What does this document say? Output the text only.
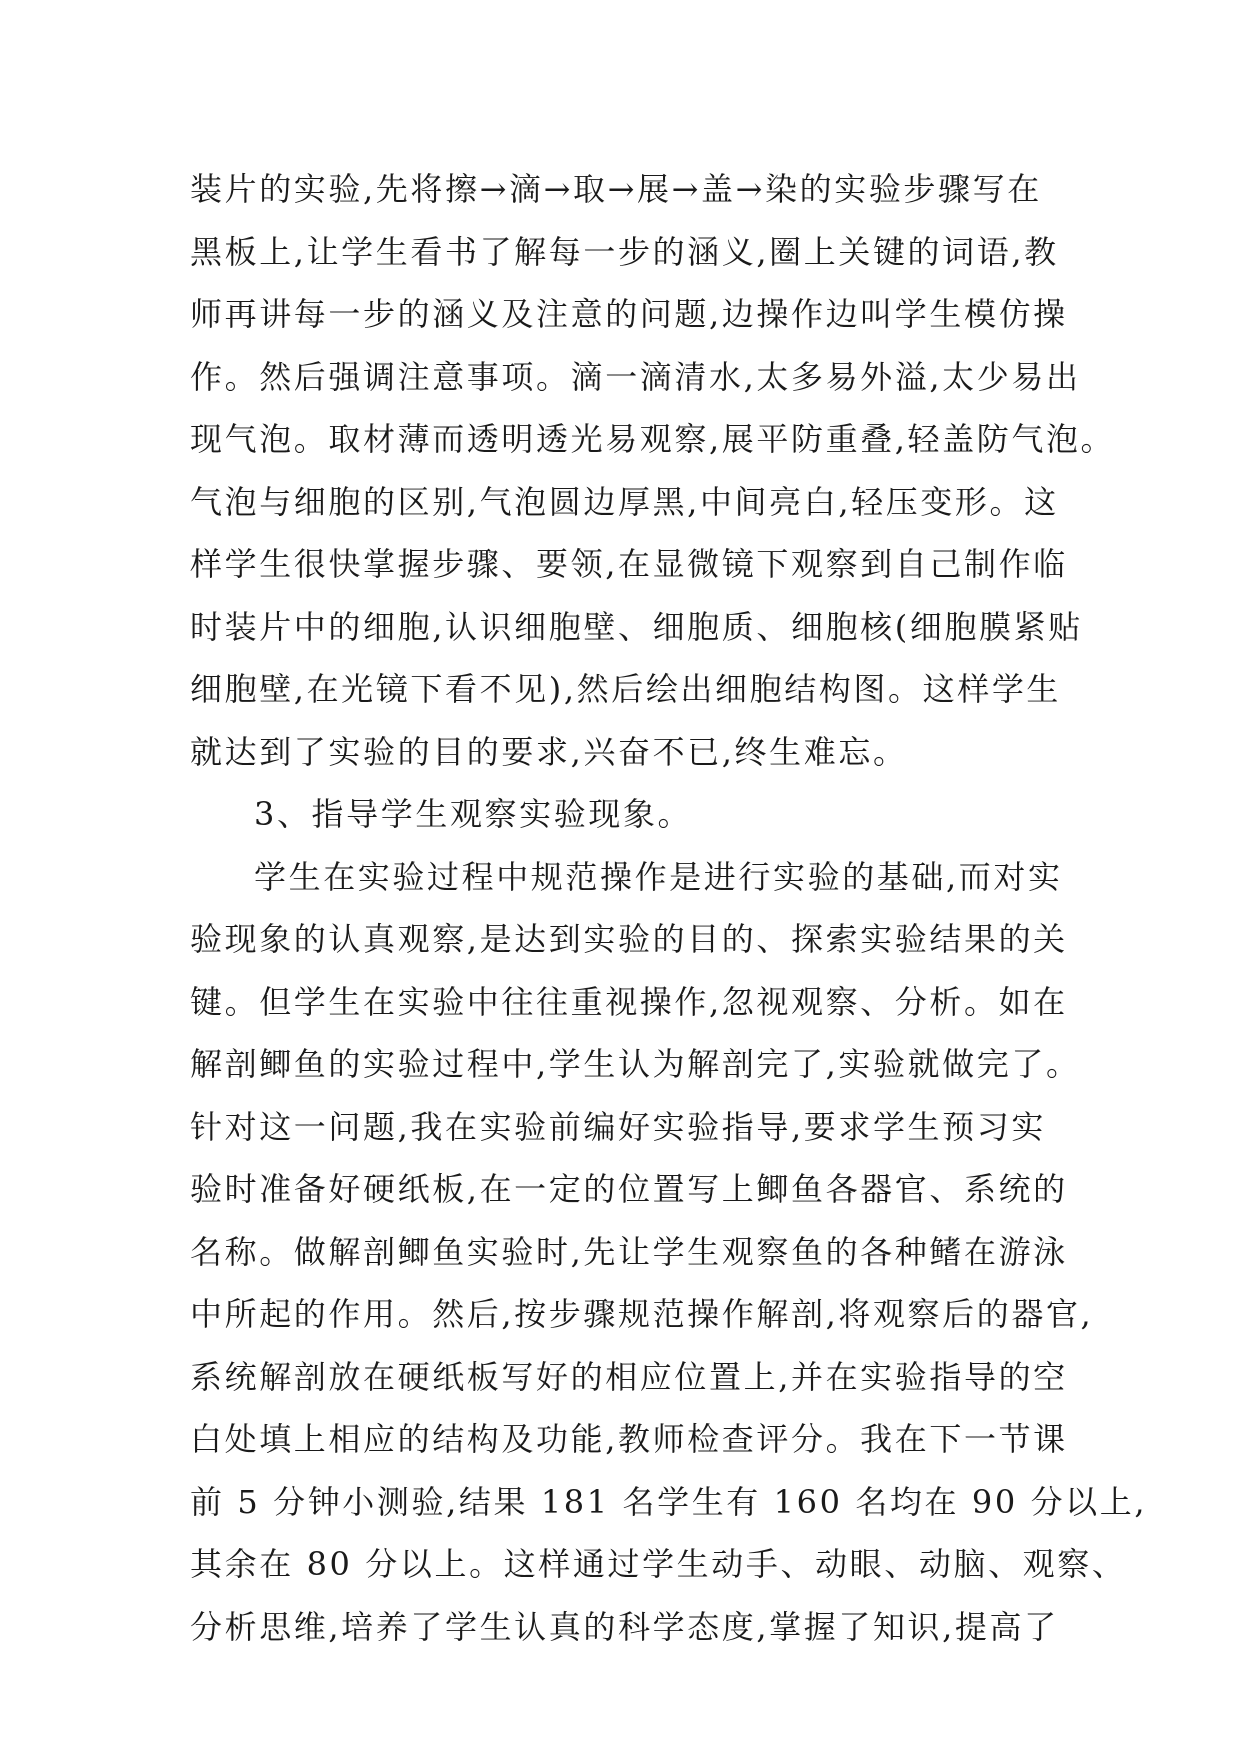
装片的实验,先将擦→滴→取→展→盖→染的实验步骤写在
黑板上,让学生看书了解每一步的涵义,圈上关键的词语,教
师再讲每一步的涵义及注意的问题,边操作边叫学生模仿操
作。然后强调注意事项。滴一滴清水,太多易外溢,太少易出
现气泡。取材薄而透明透光易观察,展平防重叠,轻盖防气泡。
气泡与细胞的区别,气泡圆边厚黑,中间亮白,轻压变形。这
样学生很快掌握步骤、要领,在显微镜下观察到自己制作临
时装片中的细胞,认识细胞壁、细胞质、细胞核(细胞膜紧贴
细胞壁,在光镜下看不见),然后绘出细胞结构图。这样学生
就达到了实验的目的要求,兴奋不已,终生难忘。
3、指导学生观察实验现象。
学生在实验过程中规范操作是进行实验的基础,而对实
验现象的认真观察,是达到实验的目的、探索实验结果的关
键。但学生在实验中往往重视操作,忽视观察、分析。如在
解剖鲫鱼的实验过程中,学生认为解剖完了,实验就做完了。
针对这一问题,我在实验前编好实验指导,要求学生预习实
验时准备好硬纸板,在一定的位置写上鲫鱼各器官、系统的
名称。做解剖鲫鱼实验时,先让学生观察鱼的各种鳍在游泳
中所起的作用。然后,按步骤规范操作解剖,将观察后的器官,
系统解剖放在硬纸板写好的相应位置上,并在实验指导的空
白处填上相应的结构及功能,教师检查评分。我在下一节课
前 5 分钟小测验,结果 181 名学生有 160 名均在 90 分以上,
其余在 80 分以上。这样通过学生动手、动眼、动脑、观察、
分析思维,培养了学生认真的科学态度,掌握了知识,提高了
